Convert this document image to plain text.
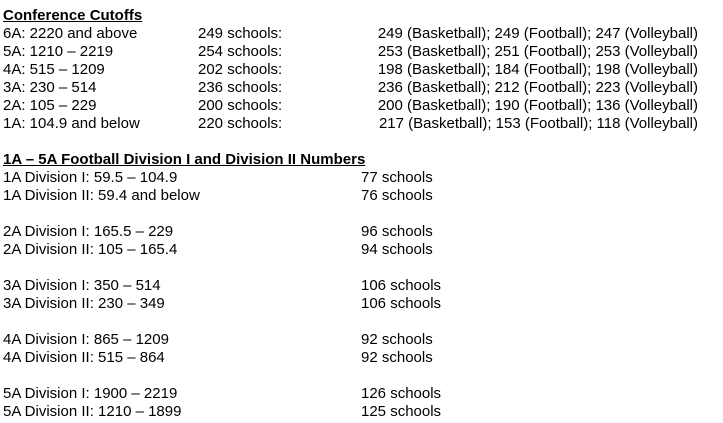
Conference Cutoffs
6A: 2220 and above	249 schools:	249 (Basketball); 249 (Football); 247 (Volleyball)
5A: 1210 – 2219	254 schools:	253 (Basketball); 251 (Football); 253 (Volleyball)
4A: 515 – 1209	202 schools:	198 (Basketball); 184 (Football); 198 (Volleyball)
3A: 230 – 514	236 schools:	236 (Basketball); 212 (Football); 223 (Volleyball)
2A: 105 – 229	200 schools:	200 (Basketball); 190 (Football); 136 (Volleyball)
1A: 104.9 and below	220 schools:	217 (Basketball); 153 (Football); 118 (Volleyball)
1A – 5A Football Division I and Division II Numbers
1A Division I: 59.5 – 104.9	77 schools
1A Division II: 59.4 and below	76 schools
2A Division I: 165.5 – 229	96 schools
2A Division II: 105 – 165.4	94 schools
3A Division I: 350 – 514	106 schools
3A Division II: 230 – 349	106 schools
4A Division I: 865 – 1209	92 schools
4A Division II: 515 – 864	92 schools
5A Division I: 1900 – 2219	126 schools
5A Division II: 1210 – 1899	125 schools
